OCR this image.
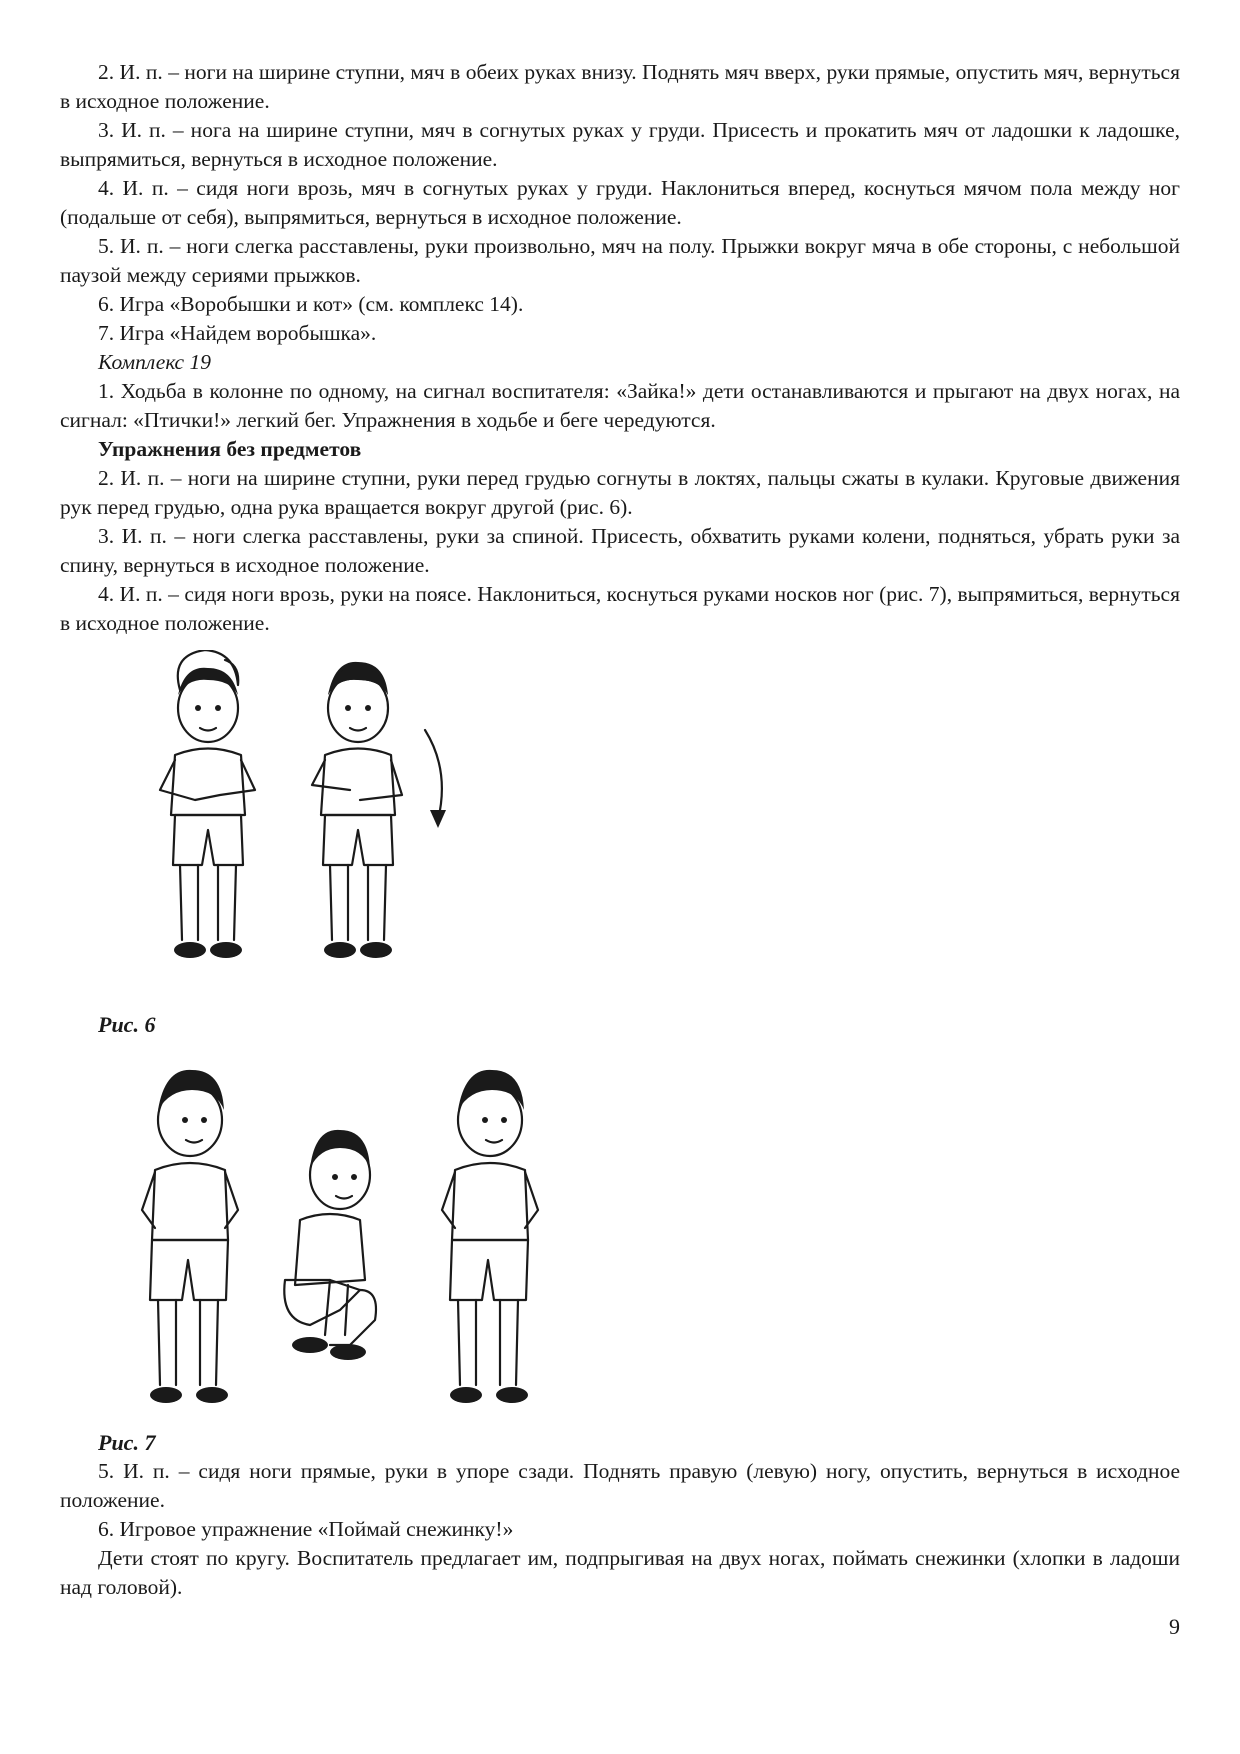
2. И. п. – ноги на ширине ступни, мяч в обеих руках внизу. Поднять мяч вверх, руки прямые, опустить мяч, вернуться в исходное положение.

3. И. п. – нога на ширине ступни, мяч в согнутых руках у груди. Присесть и прокатить мяч от ладошки к ладошке, выпрямиться, вернуться в исходное положение.

4. И. п. – сидя ноги врозь, мяч в согнутых руках у груди. Наклониться вперед, коснуться мячом пола между ног (подальше от себя), выпрямиться, вернуться в исходное положение.

5. И. п. – ноги слегка расставлены, руки произвольно, мяч на полу. Прыжки вокруг мяча в обе стороны, с небольшой паузой между сериями прыжков.

6. Игра «Воробышки и кот» (см. комплекс 14).

7. Игра «Найдем воробышка».

Комплекс 19

1. Ходьба в колонне по одному, на сигнал воспитателя: «Зайка!» дети останавливаются и прыгают на двух ногах, на сигнал: «Птички!» легкий бег. Упражнения в ходьбе и беге чередуются.

Упражнения без предметов

2. И. п. – ноги на ширине ступни, руки перед грудью согнуты в локтях, пальцы сжаты в кулаки. Круговые движения рук перед грудью, одна рука вращается вокруг другой (рис. 6).

3. И. п. – ноги слегка расставлены, руки за спиной. Присесть, обхватить руками колени, подняться, убрать руки за спину, вернуться в исходное положение.

4. И. п. – сидя ноги врозь, руки на поясе. Наклониться, коснуться руками носков ног (рис. 7), выпрямиться, вернуться в исходное положение.

Рис. 6

Рис. 7

5. И. п. – сидя ноги прямые, руки в упоре сзади. Поднять правую (левую) ногу, опустить, вернуться в исходное положение.

6. Игровое упражнение «Поймай снежинку!»

Дети стоят по кругу. Воспитатель предлагает им, подпрыгивая на двух ногах, поймать снежинки (хлопки в ладоши над головой).

9
